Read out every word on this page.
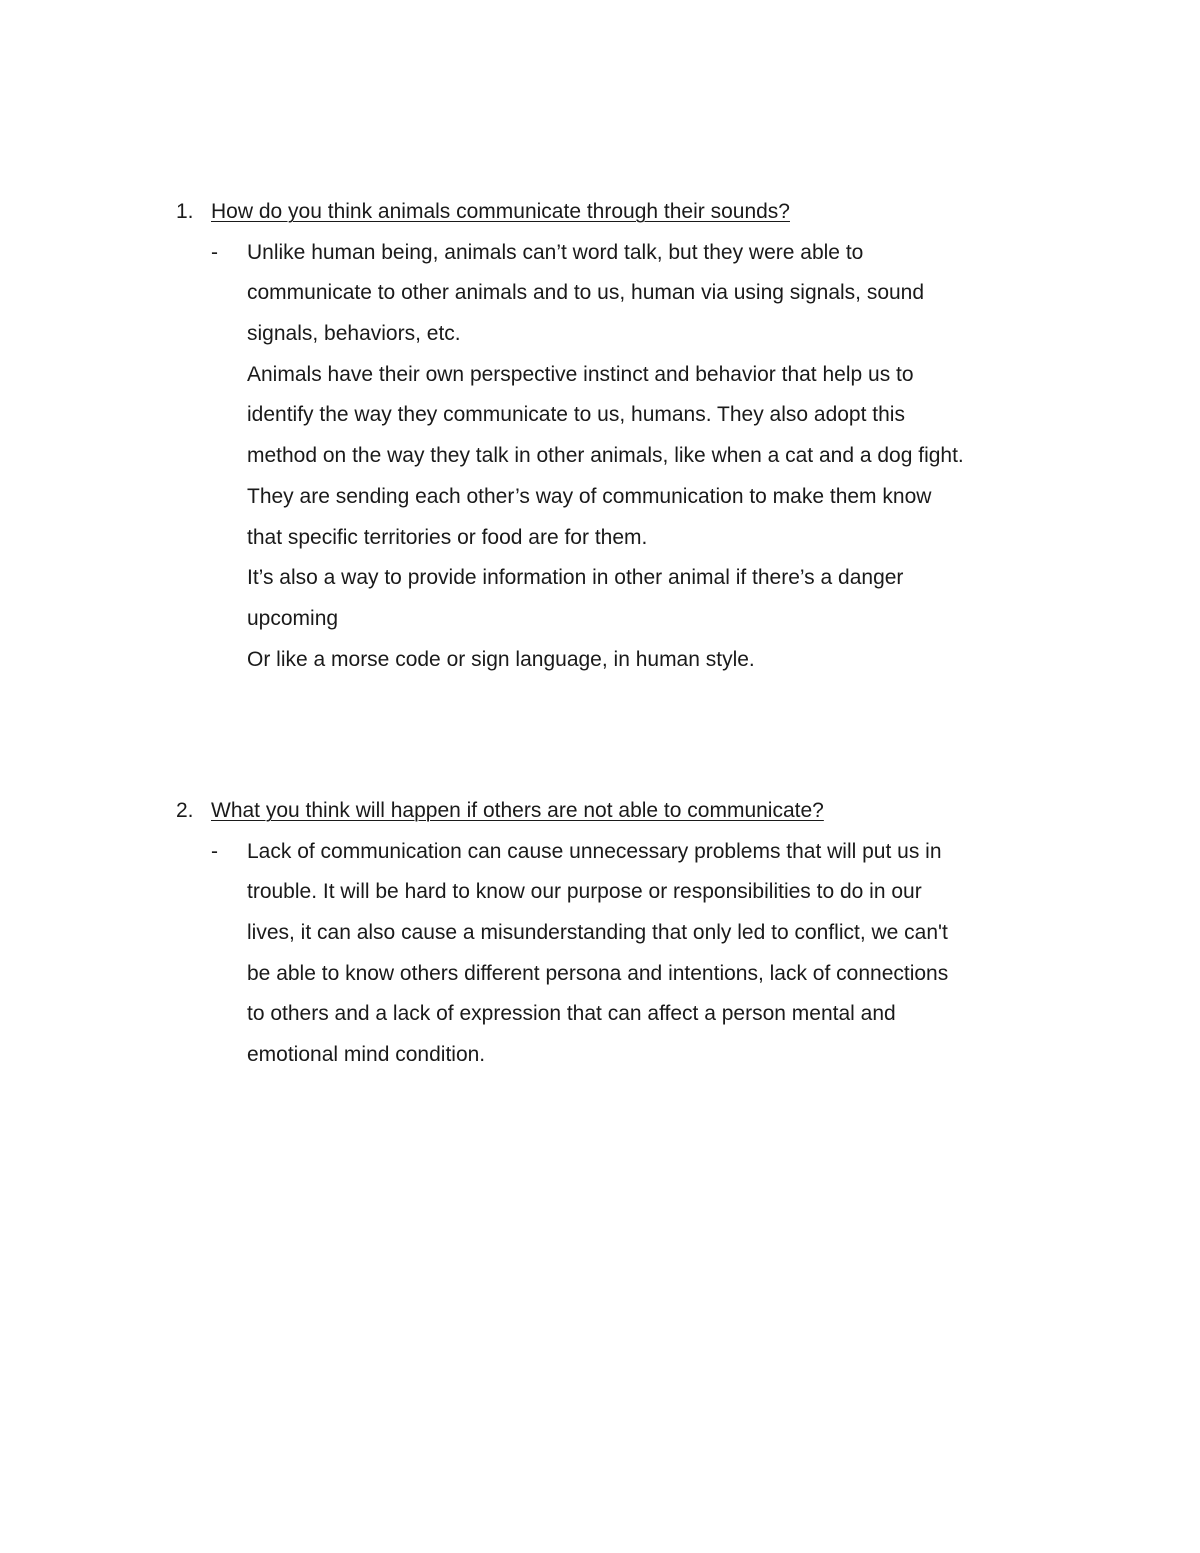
1. How do you think animals communicate through their sounds?
- Unlike human being, animals can’t word talk, but they were able to
communicate to other animals and to us, human via using signals, sound
signals, behaviors, etc.
Animals have their own perspective instinct and behavior that help us to
identify the way they communicate to us, humans. They also adopt this
method on the way they talk in other animals, like when a cat and a dog fight.
They are sending each other’s way of communication to make them know
that specific territories or food are for them.
It’s also a way to provide information in other animal if there’s a danger
upcoming
Or like a morse code or sign language, in human style.
2. What you think will happen if others are not able to communicate?
- Lack of communication can cause unnecessary problems that will put us in
trouble. It will be hard to know our purpose or responsibilities to do in our
lives, it can also cause a misunderstanding that only led to conflict, we can't
be able to know others different persona and intentions, lack of connections
to others and a lack of expression that can affect a person mental and
emotional mind condition.
